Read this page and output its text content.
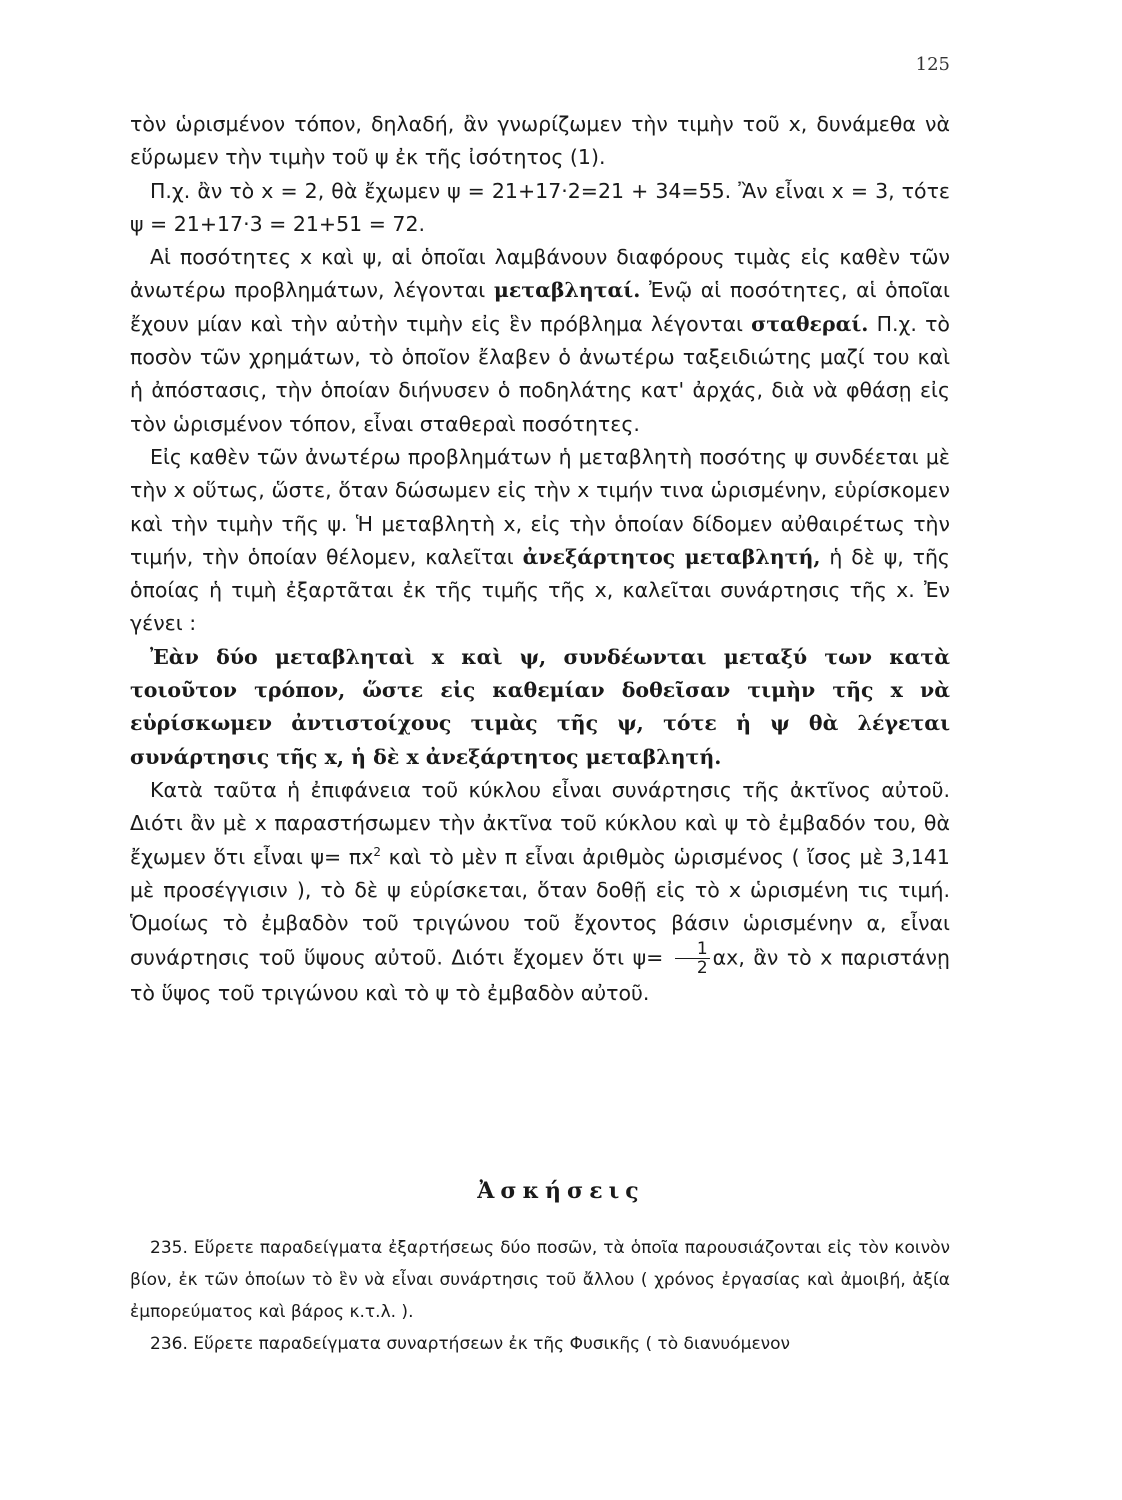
125

τὸν ὡρισμένον τόπον, δηλαδή, ἂν γνωρίζωμεν τὴν τιμὴν τοῦ x, δυνάμεθα νὰ εὕρωμεν τὴν τιμὴν τοῦ ψ ἐκ τῆς ἰσότητος (1).

Π.χ. ἂν τὸ x = 2, θὰ ἔχωμεν ψ = 21+17·2=21 + 34=55. Ἂν εἶναι x = 3, τότε ψ = 21+17·3 = 21+51 = 72.

Αἱ ποσότητες x καὶ ψ, αἱ ὁποῖαι λαμβάνουν διαφόρους τιμὰς εἰς καθὲν τῶν ἀνωτέρω προβλημάτων, λέγονται μεταβληταί. Ἐνῷ αἱ ποσότητες, αἱ ὁποῖαι ἔχουν μίαν καὶ τὴν αὐτὴν τιμὴν εἰς ἓν πρόβλημα λέγονται σταθεραί. Π.χ. τὸ ποσὸν τῶν χρημάτων, τὸ ὁποῖον ἔλαβεν ὁ ἀνωτέρω ταξειδιώτης μαζί του καὶ ἡ ἀπόστασις, τὴν ὁποίαν διήνυσεν ὁ ποδηλάτης κατ' ἀρχάς, διὰ νὰ φθάσῃ εἰς τὸν ὡρισμένον τόπον, εἶναι σταθεραὶ ποσότητες.

Εἰς καθὲν τῶν ἀνωτέρω προβλημάτων ἡ μεταβλητὴ ποσότης ψ συνδέεται μὲ τὴν x οὕτως, ὥστε, ὅταν δώσωμεν εἰς τὴν x τιμήν τινα ὡρισμένην, εὑρίσκομεν καὶ τὴν τιμὴν τῆς ψ. Ἡ μεταβλητὴ x, εἰς τὴν ὁποίαν δίδομεν αὐθαιρέτως τὴν τιμήν, τὴν ὁποίαν θέλομεν, καλεῖται ἀνεξάρτητος μεταβλητή, ἡ δὲ ψ, τῆς ὁποίας ἡ τιμὴ ἐξαρτᾶται ἐκ τῆς τιμῆς τῆς x, καλεῖται συνάρτησις τῆς x. Ἐν γένει :

Ἐὰν δύο μεταβληταὶ x καὶ ψ, συνδέωνται μεταξύ των κατὰ τοιοῦτον τρόπον, ὥστε εἰς καθεμίαν δοθεῖσαν τιμὴν τῆς x νὰ εὑρίσκωμεν ἀντιστοίχους τιμὰς τῆς ψ, τότε ἡ ψ θὰ λέγεται συνάρτησις τῆς x, ἡ δὲ x ἀνεξάρτητος μεταβλητή.

Κατὰ ταῦτα ἡ ἐπιφάνεια τοῦ κύκλου εἶναι συνάρτησις τῆς ἀκτῖνος αὐτοῦ. Διότι ἂν μὲ x παραστήσωμεν τὴν ἀκτῖνα τοῦ κύκλου καὶ ψ τὸ ἐμβαδόν του, θὰ ἔχωμεν ὅτι εἶναι $\psi= \pi x^2$ καὶ τὸ μὲν π εἶναι ἀριθμὸς ὡρισμένος ( ἴσος μὲ 3,141 μὲ προσέγγισιν ), τὸ δὲ ψ εὑρίσκεται, ὅταν δοθῇ εἰς τὸ x ὡρισμένη τις τιμή. Ὁμοίως τὸ ἐμβαδὸν τοῦ τριγώνου τοῦ ἔχοντος βάσιν ὡρισμένην α, εἶναι συνάρτησις τοῦ ὕψους αὐτοῦ. Διότι ἔχομεν ὅτι $\psi= \frac{1}{2} \alpha x$, ἂν τὸ x παριστάνῃ τὸ ὕψος τοῦ τριγώνου καὶ τὸ ψ τὸ ἐμβαδὸν αὐτοῦ.

Ἀσκήσεις

235. Εὕρετε παραδείγματα ἐξαρτήσεως δύο ποσῶν, τὰ ὁποῖα παρουσιάζονται εἰς τὸν κοινὸν βίον, ἐκ τῶν ὁποίων τὸ ἓν νὰ εἶναι συνάρτησις τοῦ ἄλλου ( χρόνος ἐργασίας καὶ ἀμοιβή, ἀξία ἐμπορεύματος καὶ βάρος κ.τ.λ. ).

236. Εὕρετε παραδείγματα συναρτήσεων ἐκ τῆς Φυσικῆς ( τὸ διανυόμενον
